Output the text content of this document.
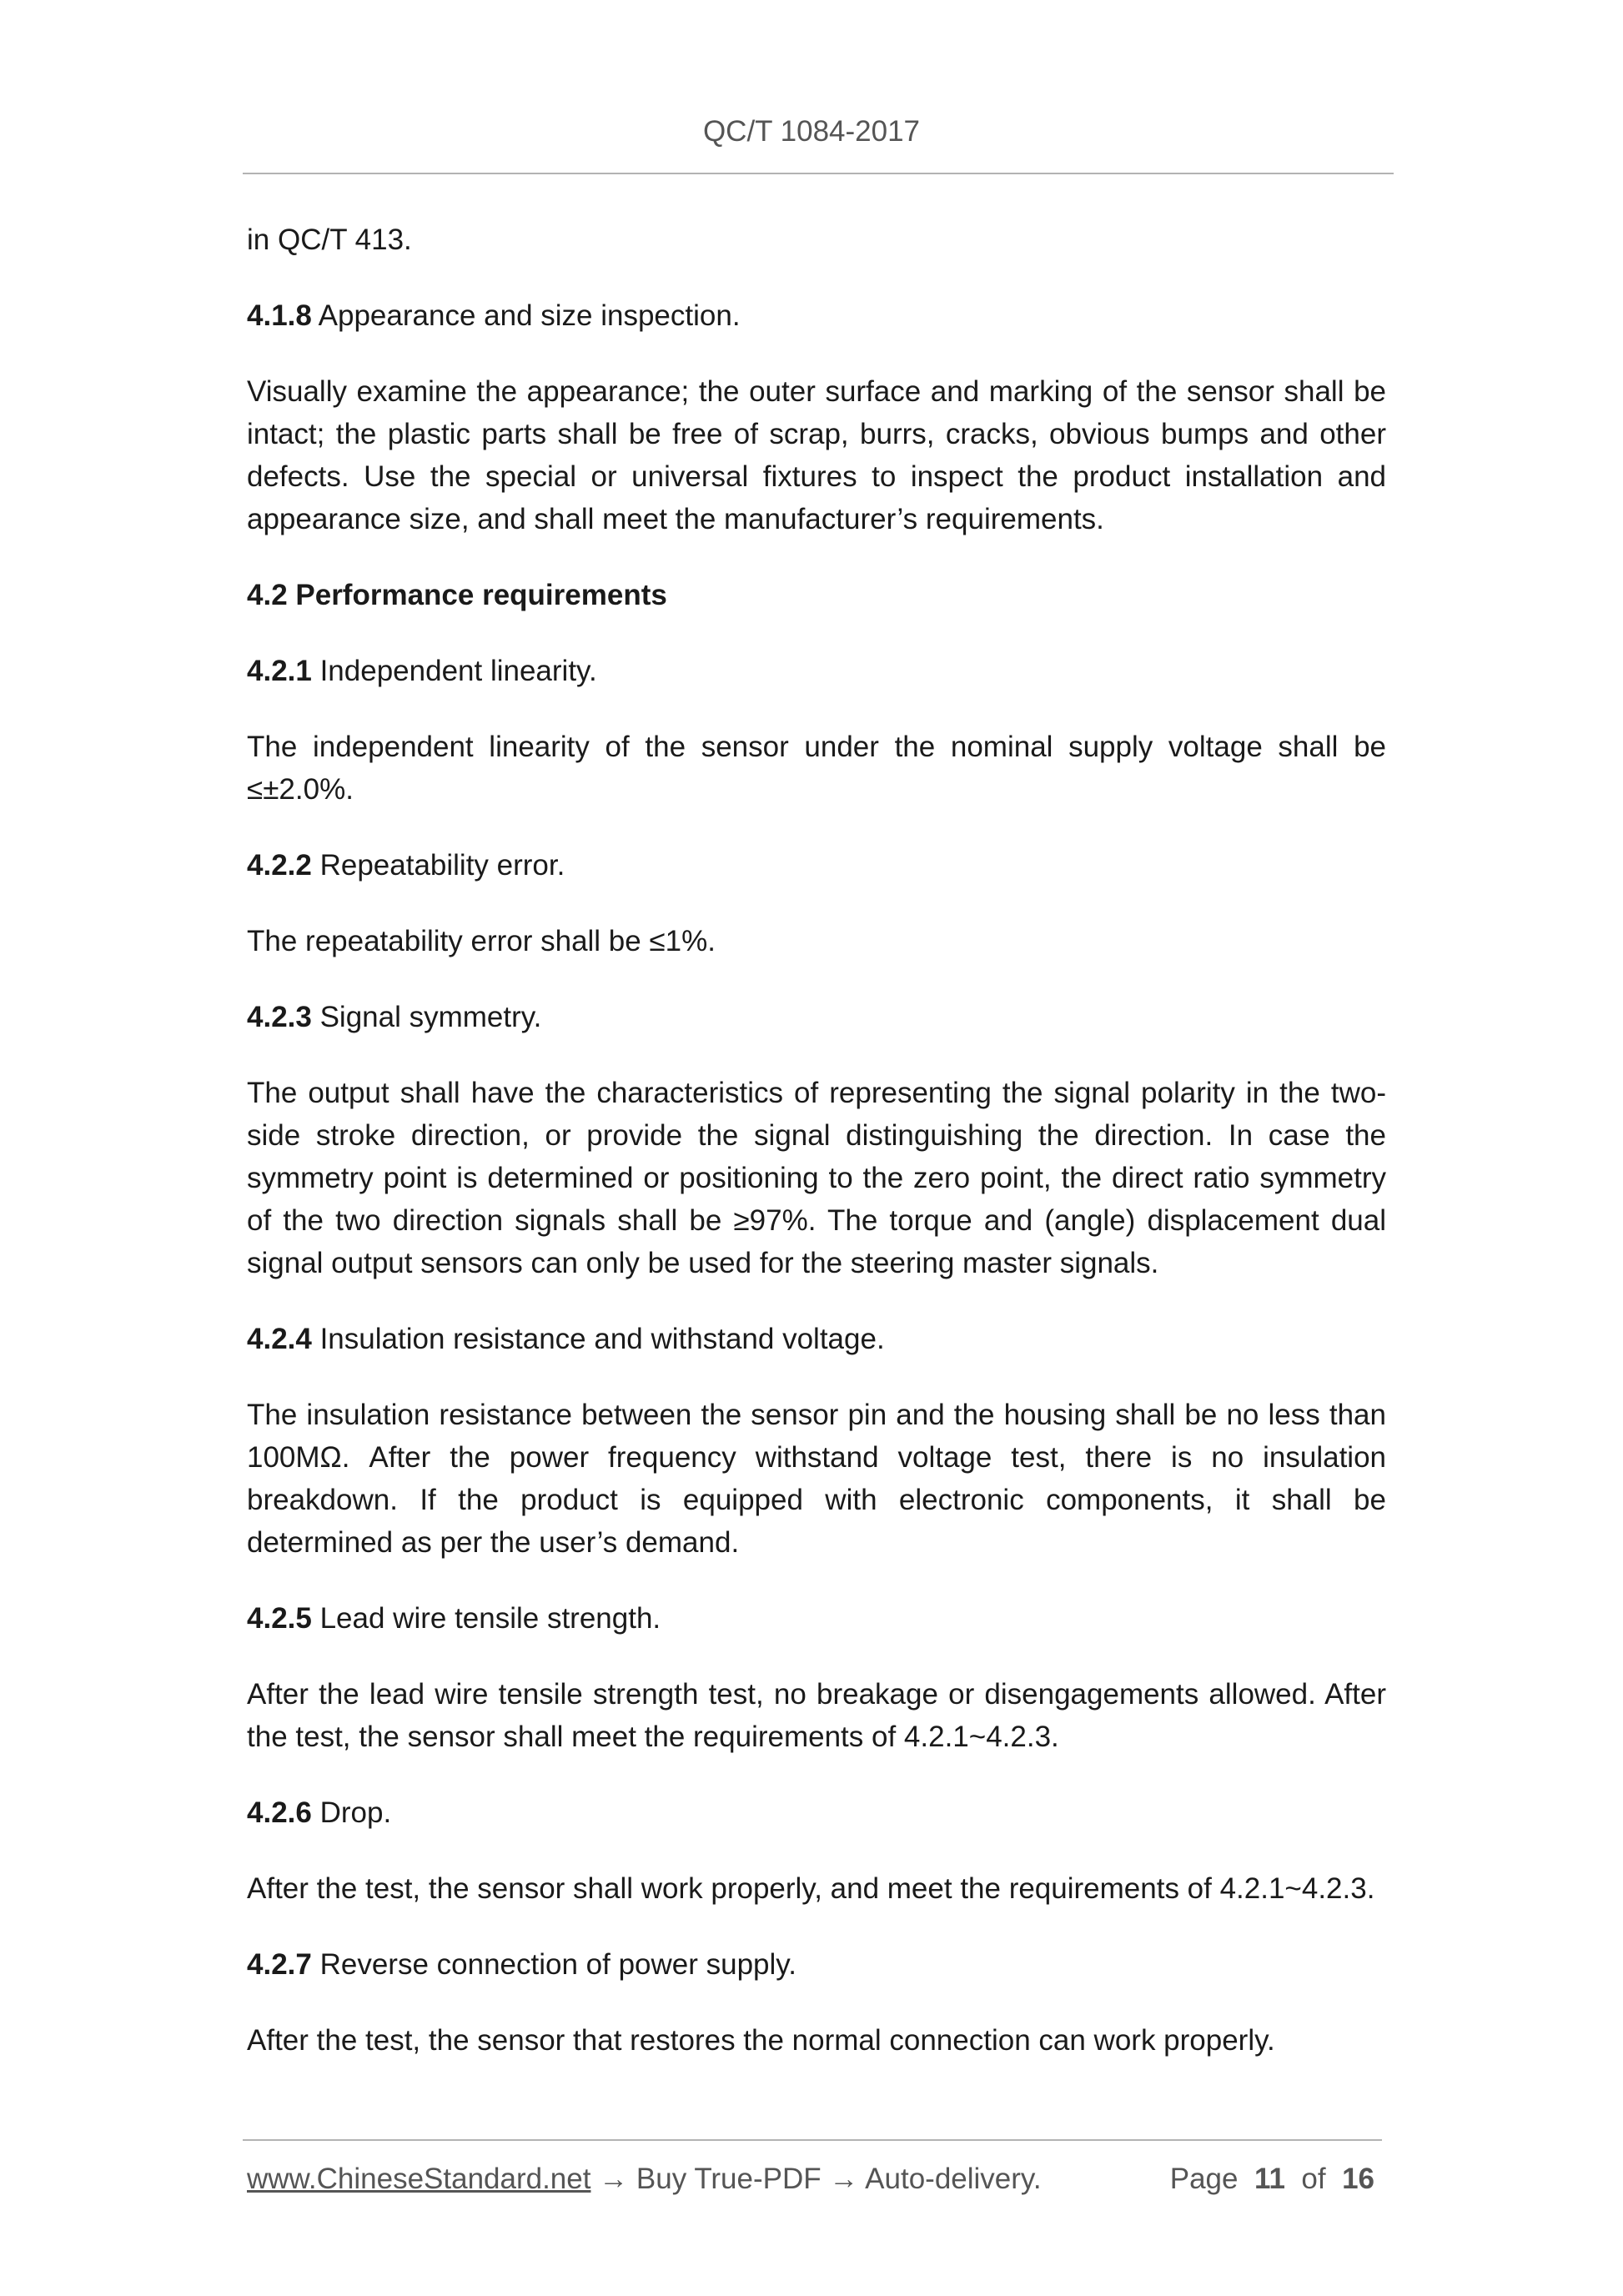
QC/T 1084-2017

in QC/T 413.

4.1.8 Appearance and size inspection.

Visually examine the appearance; the outer surface and marking of the sensor shall be intact; the plastic parts shall be free of scrap, burrs, cracks, obvious bumps and other defects. Use the special or universal fixtures to inspect the product installation and appearance size, and shall meet the manufacturer’s requirements.

4.2 Performance requirements

4.2.1 Independent linearity.

The independent linearity of the sensor under the nominal supply voltage shall be ≤±2.0%.

4.2.2 Repeatability error.

The repeatability error shall be ≤1%.

4.2.3 Signal symmetry.

The output shall have the characteristics of representing the signal polarity in the two-side stroke direction, or provide the signal distinguishing the direction. In case the symmetry point is determined or positioning to the zero point, the direct ratio symmetry of the two direction signals shall be ≥97%. The torque and (angle) displacement dual signal output sensors can only be used for the steering master signals.

4.2.4 Insulation resistance and withstand voltage.

The insulation resistance between the sensor pin and the housing shall be no less than 100MΩ. After the power frequency withstand voltage test, there is no insulation breakdown. If the product is equipped with electronic components, it shall be determined as per the user’s demand.

4.2.5 Lead wire tensile strength.

After the lead wire tensile strength test, no breakage or disengagements allowed. After the test, the sensor shall meet the requirements of 4.2.1~4.2.3.

4.2.6 Drop.

After the test, the sensor shall work properly, and meet the requirements of 4.2.1~4.2.3.

4.2.7 Reverse connection of power supply.

After the test, the sensor that restores the normal connection can work properly.

www.ChineseStandard.net → Buy True-PDF → Auto-delivery.	Page 11 of 16
